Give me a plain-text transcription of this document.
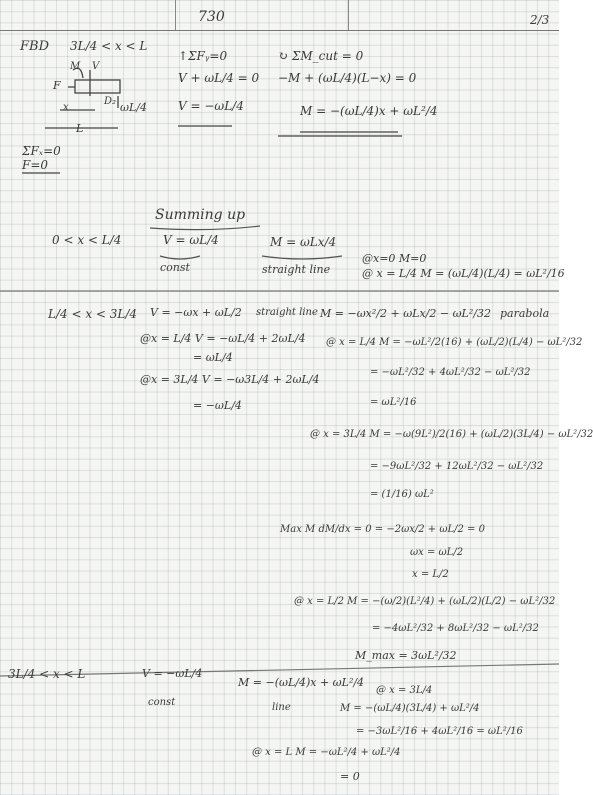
730	2/3
FBD 3L/4 < x < L
F
M V
x
D₂ ωL/4
L
ΣFₓ=0
F=0
↑ΣFᵧ=0
V + ωL/4 = 0
V = −ωL/4
↻ ΣM_cut = 0
−M + (ωL/4)(L−x) = 0
M = −(ωL/4)x + ωL²/4
Summing up
0 < x < L/4	V = ωL/4
const
M = ωLx/4
straight line
@x=0 M=0
@ x = L/4 M = (ωL/4)(L/4) = ωL²/16
L/4 < x < 3L/4 V = −ωx + ωL/2 straight line
@x = L/4 V = −ωL/4 + 2ωL/4
= ωL/4
@x = 3L/4 V = −ω3L/4 + 2ωL/4
= −ωL/4
M = −ωx²/2 + ωLx/2 − ωL²/32 parabola
@ x = L/4 M = −ωL²/2(16) + (ωL/2)(L/4) − ωL²/32
= −ωL²/32 + 4ωL²/32 − ωL²/32
= ωL²/16
@ x = 3L/4 M = −ω(9L²)/2(16) + (ωL/2)(3L/4) − ωL²/32
= −9ωL²/32 + 12ωL²/32 − ωL²/32
= (1/16) ωL²
Max M dM/dx = 0 = −2ωx/2 + ωL/2 = 0
ωx = ωL/2
x = L/2
@ x = L/2 M = −(ω/2)(L²/4) + (ωL/2)(L/2) − ωL²/32
= −4ωL²/32 + 8ωL²/32 − ωL²/32
M_max = 3ωL²/32
3L/4 < x < L	V = −ωL/4
const
M = −(ωL/4)x + ωL²/4
line
@ x = 3L/4
M = −(ωL/4)(3L/4) + ωL²/4
= −3ωL²/16 + 4ωL²/16 = ωL²/16
@ x = L M = −ωL²/4 + ωL²/4
= 0
